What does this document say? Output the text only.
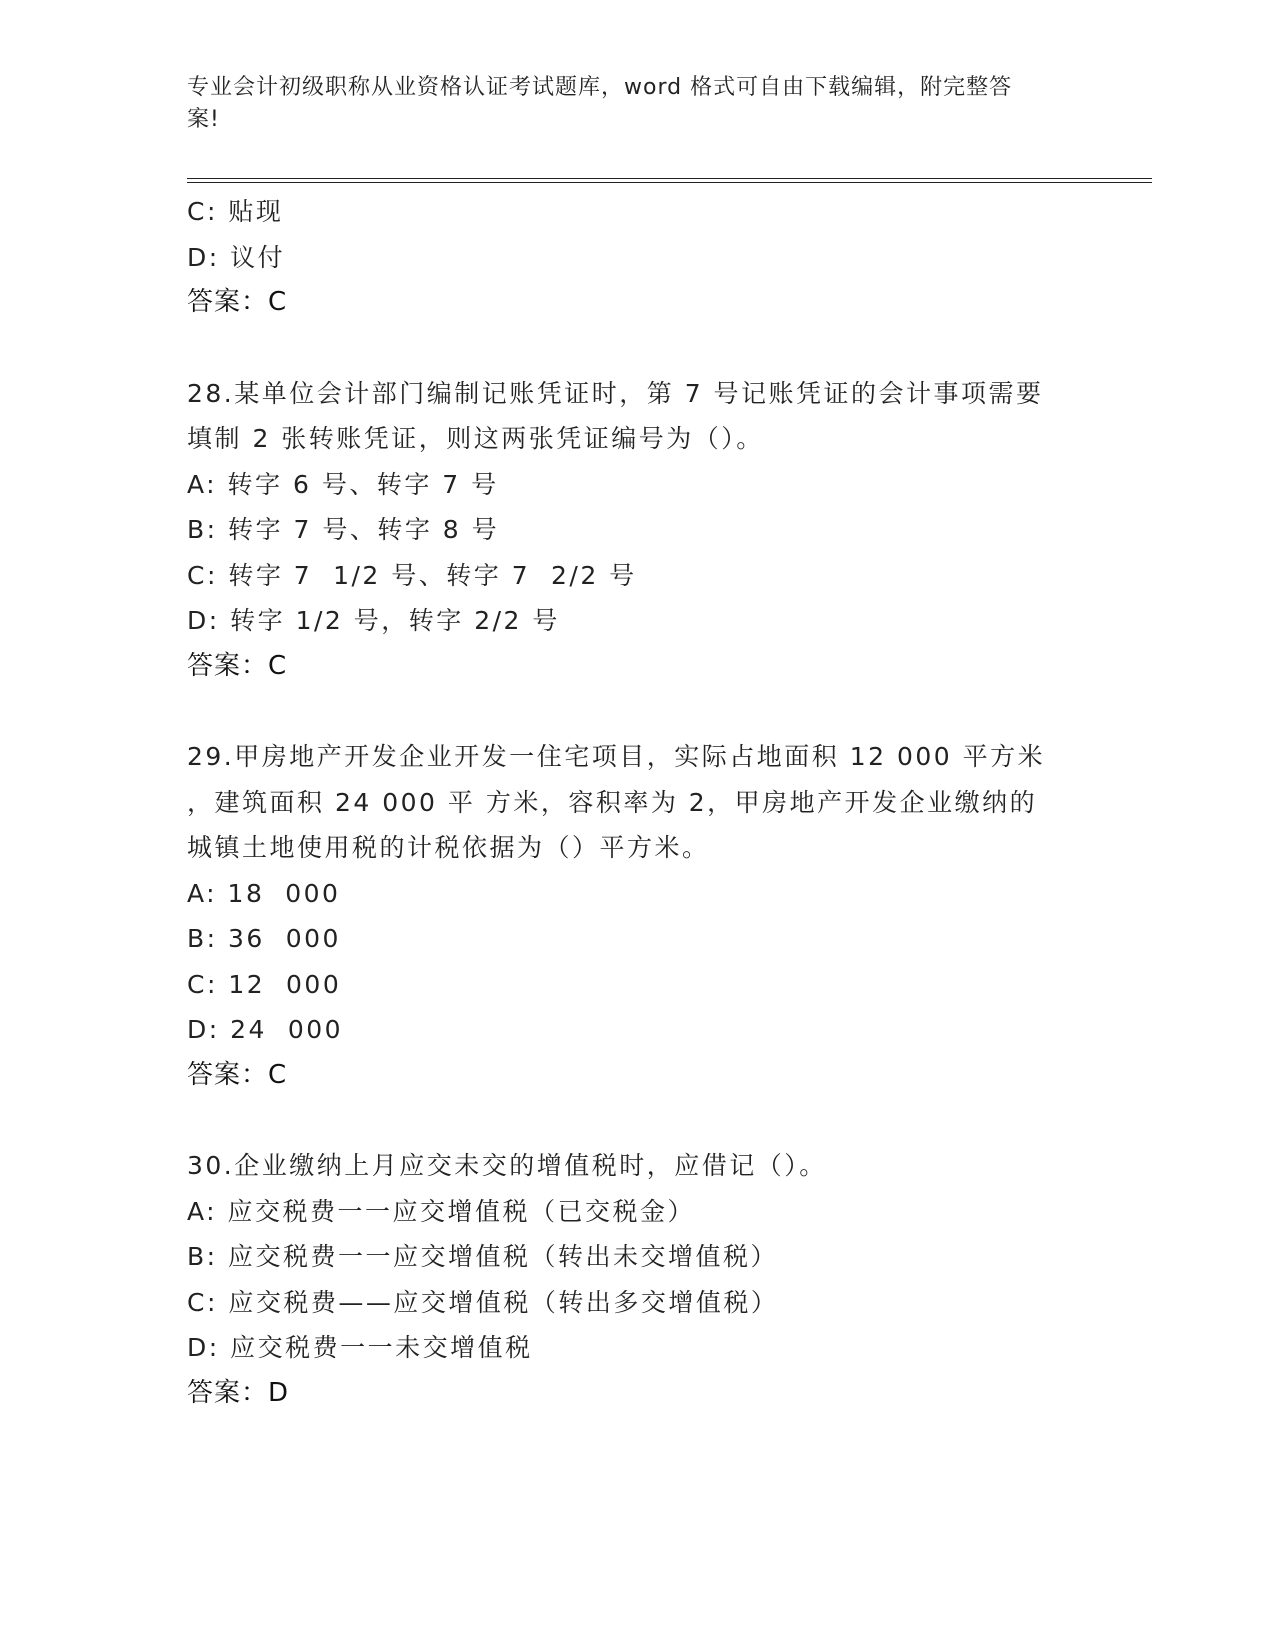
专业会计初级职称从业资格认证考试题库，word 格式可自由下载编辑，附完整答
案!
C: 贴现
D: 议付
答案：C
28.某单位会计部门编制记账凭证时，第 7 号记账凭证的会计事项需要
填制 2 张转账凭证，则这两张凭证编号为（）。
A: 转字 6 号、转字 7 号
B: 转字 7 号、转字 8 号
C: 转字 7  1/2 号、转字 7  2/2 号
D: 转字 1/2 号，转字 2/2 号
答案：C
29.甲房地产开发企业开发一住宅项目，实际占地面积 12 000 平方米
，建筑面积 24 000 平 方米，容积率为 2，甲房地产开发企业缴纳的
城镇土地使用税的计税依据为（）平方米。
A: 18  000
B: 36  000
C: 12  000
D: 24  000
答案：C
30.企业缴纳上月应交未交的增值税时，应借记（）。
A: 应交税费一一应交增值税（已交税金）
B: 应交税费一一应交增值税（转出未交增值税）
C: 应交税费——应交增值税（转出多交增值税）
D: 应交税费一一未交增值税
答案：D
